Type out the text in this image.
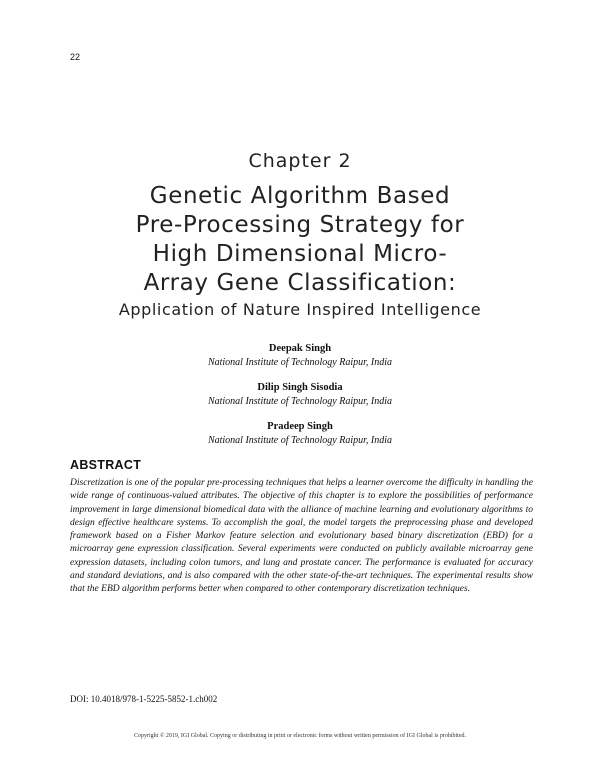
22
Chapter 2
Genetic Algorithm Based
Pre-Processing Strategy for
High Dimensional Micro-
Array Gene Classification:
Application of Nature Inspired Intelligence
Deepak Singh
National Institute of Technology Raipur, India
Dilip Singh Sisodia
National Institute of Technology Raipur, India
Pradeep Singh
National Institute of Technology Raipur, India
ABSTRACT

Discretization is one of the popular pre-processing techniques that helps a learner overcome the difficulty in handling the wide range of continuous-valued attributes. The objective of this chapter is to explore the possibilities of performance improvement in large dimensional biomedical data with the alliance of machine learning and evolutionary algorithms to design effective healthcare systems. To accomplish the goal, the model targets the preprocessing phase and developed framework based on a Fisher Markov feature selection and evolutionary based binary discretization (EBD) for a microarray gene expression classification. Several experiments were conducted on publicly available microarray gene expression datasets, including colon tumors, and lung and prostate cancer. The performance is evaluated for accuracy and standard deviations, and is also compared with the other state-of-the-art techniques. The experimental results show that the EBD algorithm performs better when compared to other contemporary discretization techniques.

DOI: 10.4018/978-1-5225-5852-1.ch002
Copyright © 2019, IGI Global. Copying or distributing in print or electronic forms without written permission of IGI Global is prohibited.
